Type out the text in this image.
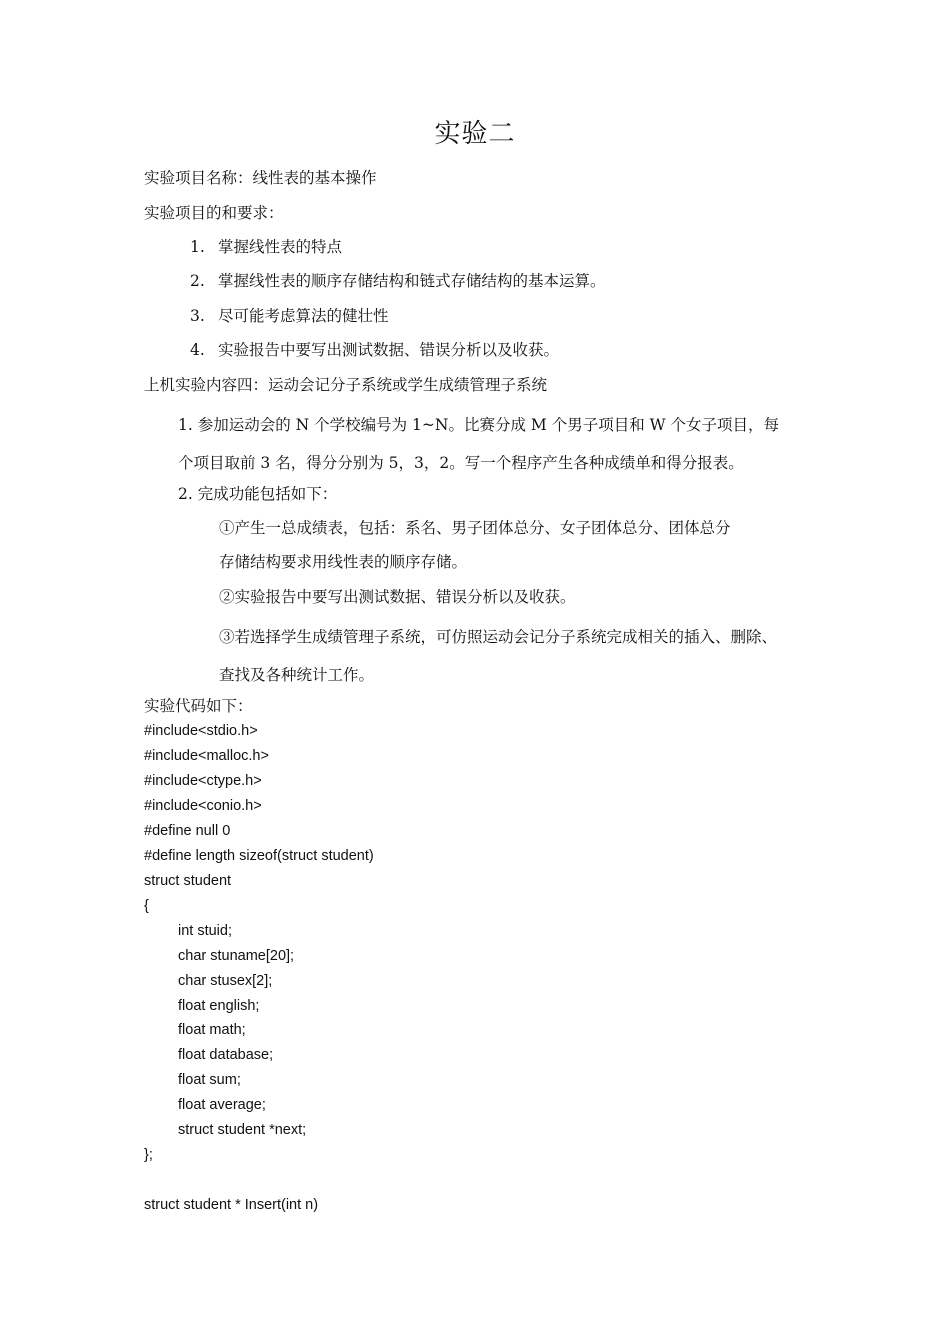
实验二
实验项目名称：线性表的基本操作
实验项目的和要求：
1. 掌握线性表的特点
2. 掌握线性表的顺序存储结构和链式存储结构的基本运算。
3. 尽可能考虑算法的健壮性
4. 实验报告中要写出测试数据、错误分析以及收获。
上机实验内容四：运动会记分子系统或学生成绩管理子系统
1. 参加运动会的 N 个学校编号为 1~N。比赛分成 M 个男子项目和 W 个女子项目，每
个项目取前 3 名，得分分别为 5，3，2。写一个程序产生各种成绩单和得分报表。
2. 完成功能包括如下：
①产生一总成绩表，包括：系名、男子团体总分、女子团体总分、团体总分
存储结构要求用线性表的顺序存储。
②实验报告中要写出测试数据、错误分析以及收获。
③若选择学生成绩管理子系统，可仿照运动会记分子系统完成相关的插入、删除、
查找及各种统计工作。
实验代码如下：
#include<stdio.h>
#include<malloc.h>
#include<ctype.h>
#include<conio.h>
#define null 0
#define length sizeof(struct student)
struct student
{
int stuid;
char stuname[20];
char stusex[2];
float english;
float math;
float database;
float sum;
float average;
struct student *next;
};
struct student * Insert(int n)
